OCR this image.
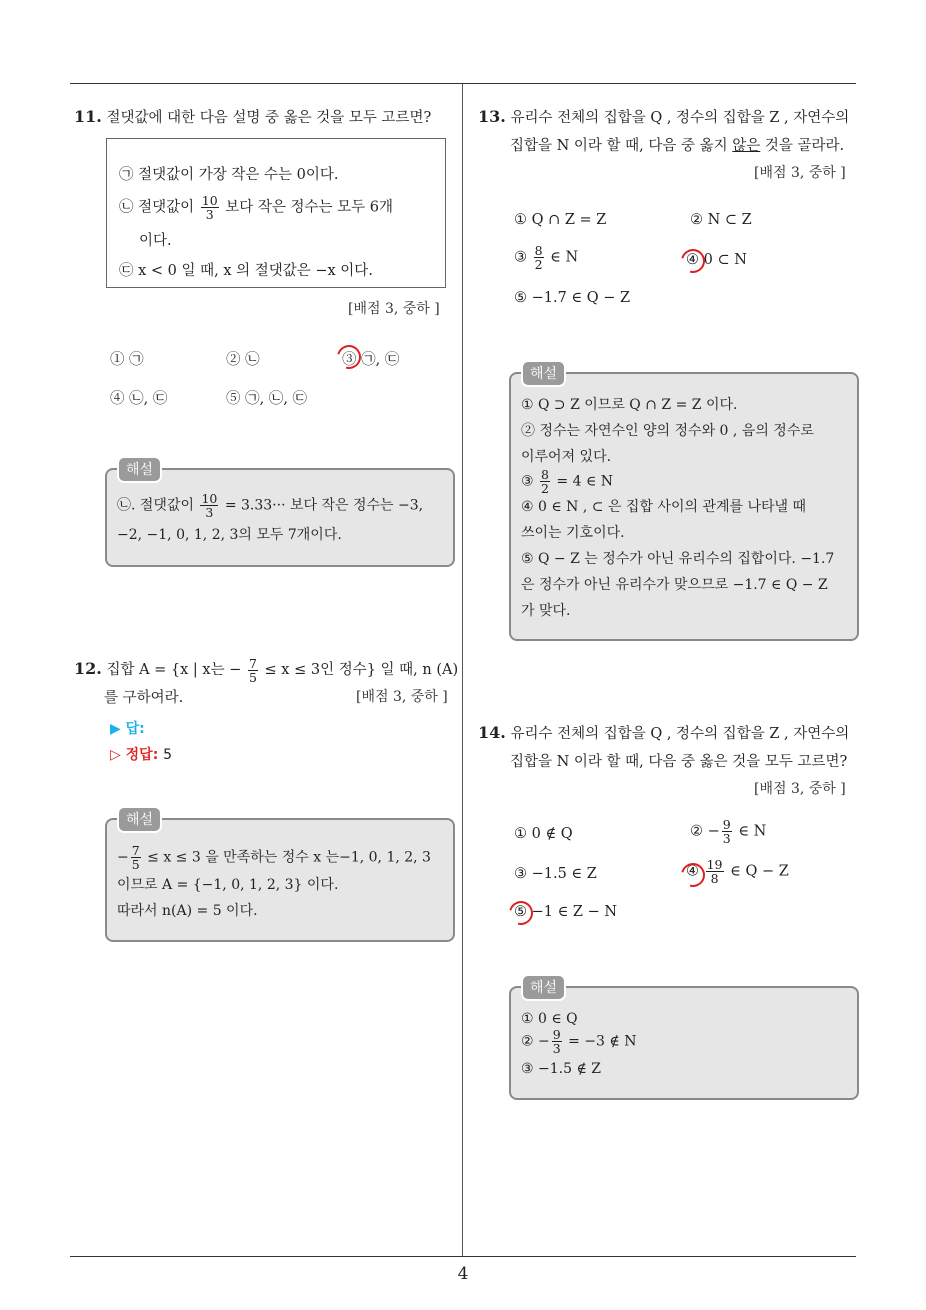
11. 절댓값에 대한 다음 설명 중 옳은 것을 모두 고르면?
㉠ 절댓값이 가장 작은 수는 0이다.
㉡ 절댓값이 $\frac{10}{3}$ 보다 작은 정수는 모두 6개
이다.
㉢ x < 0 일 때, x 의 절댓값은 −x 이다.
[배점 3, 중하 ]
① ㉠	② ㉡	③ ㉠, ㉢
④ ㉡, ㉢	⑤ ㉠, ㉡, ㉢
㉡. 절댓값이 $\frac{10}{3} = 3.33\cdot\cdot\cdot$ 보다 작은 정수는 −3,
−2, −1, 0, 1, 2, 3의 모두 7개이다.
해설
12. 집합 A = {x | x는 − $\frac{7}{5} \le x \le 3$인 정수} 일 때, n (A)
를 구하여라.	[배점 3, 중하 ]
▶ 답:
▷ 정답: 5
− $\frac{7}{5} \le x \le 3$ 을 만족하는 정수 x 는−1, 0, 1, 2, 3
이므로 A = {−1, 0, 1, 2, 3} 이다.
따라서 n(A) = 5 이다.
해설
13. 유리수 전체의 집합을 Q , 정수의 집합을 Z , 자연수의
집합을 N 이라 할 때, 다음 중 옳지 않은 것을 골라라.
[배점 3, 중하 ]
① Q ∩ Z = Z	② N ⊂ Z
③ $\frac{8}{2}$ ∈ N	④ 0 ⊂ N
⑤ −1.7 ∈ Q − Z
① Q ⊃ Z 이므로 Q ∩ Z = Z 이다.
② 정수는 자연수인 양의 정수와 0 , 음의 정수로
이루어져 있다.
③ $\frac{8}{2} = 4$ ∈ N
④ 0 ∈ N , ⊂ 은 집합 사이의 관계를 나타낼 때
쓰이는 기호이다.
⑤ Q − Z 는 정수가 아닌 유리수의 집합이다. −1.7
은 정수가 아닌 유리수가 맞으므로 −1.7 ∈ Q − Z
가 맞다.
해설
14. 유리수 전체의 집합을 Q , 정수의 집합을 Z , 자연수의
집합을 N 이라 할 때, 다음 중 옳은 것을 모두 고르면?
[배점 3, 중하 ]
① 0 ∉ Q	② − $\frac{9}{3}$ ∈ N
③ −1.5 ∈ Z	④ $\frac{19}{8}$ ∈ Q − Z
⑤ −1 ∈ Z − N
① 0 ∈ Q
② − $\frac{9}{3} = -3$ ∉ N
③ −1.5 ∉ Z
해설
4
